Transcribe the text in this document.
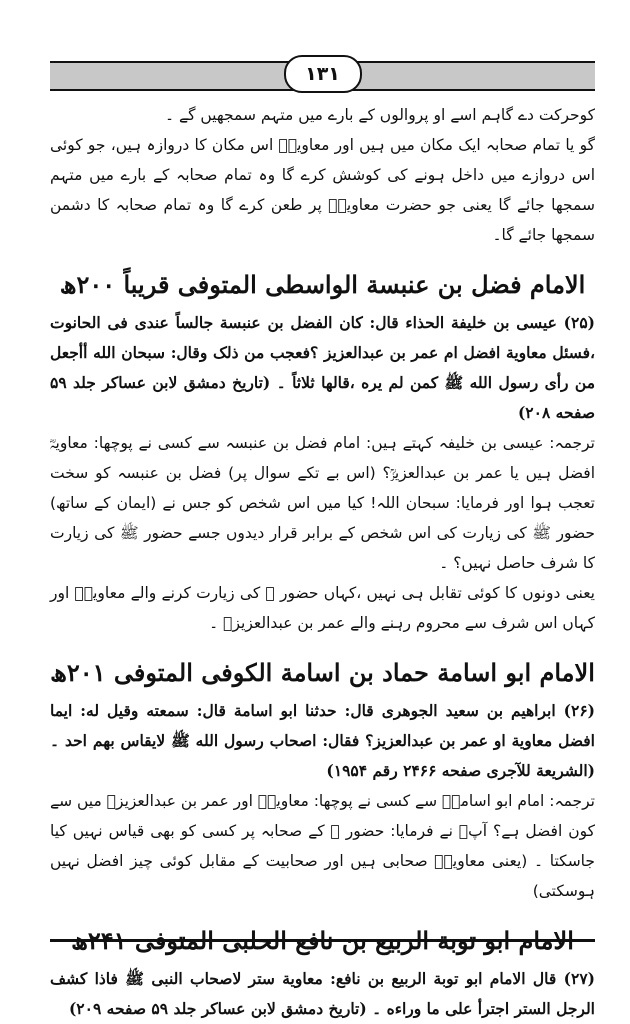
۱۳۱

کوحرکت دے گاہم اسے او پروالوں کے بارے میں متہم سمجھیں گے ۔

گو یا تمام صحابہ ایک مکان میں ہیں اور معاویہؓ اس مکان کا دروازہ ہیں، جو کوئی اس دروازے میں داخل ہونے کی کوشش کرے گا وہ تمام صحابہ کے بارے میں متہم سمجھا جائے گا یعنی جو حضرت معاویہؓ پر طعن کرے گا وہ تمام صحابہ کا دشمن سمجھا جائے گا۔

الامام فضل بن عنبسة الواسطی المتوفی قریباً ۲۰۰ھ

(۲۵) عیسی بن خلیفة الحذاء قال: کان الفضل بن عنبسة جالساً عندی فی الحانوت ،فسئل معاویة افضل ام عمر بن عبدالعزیز ؟فعجب من ذلک وقال: سبحان الله أأجعل من رأی رسول الله ﷺ کمن لم یره ،قالها ثلاثاً ۔ (تاریخ دمشق لابن عساکر جلد ۵۹ صفحه ۲۰۸)

ترجمہ: عیسی بن خلیفہ کہتے ہیں: امام فضل بن عنبسہ سے کسی نے پوچھا: معاویہؓ افضل ہیں یا عمر بن عبدالعزیزؒ؟ (اس بے تکے سوال پر) فضل بن عنبسہ کو سخت تعجب ہوا اور فرمایا: سبحان اللہ! کیا میں اس شخص کو جس نے (ایمان کے ساتھ) حضور ﷺ کی زیارت کی اس شخص کے برابر قرار دیدوں جسے حضور ﷺ کی زیارت کا شرف حاصل نہیں؟ ۔

یعنی دونوں کا کوئی تقابل ہی نہیں ،کہاں حضور ﷺ کی زیارت کرنے والے معاویہؓ اور کہاں اس شرف سے محروم رہنے والے عمر بن عبدالعزیزؒ ۔

الامام ابو اسامة حماد بن اسامة الکوفی المتوفی ۲۰۱ھ

(۲۶) ابراهیم بن سعید الجوهری قال: حدثنا ابو اسامة قال: سمعته وقیل له: ایما افضل معاویة او عمر بن عبدالعزیز؟ فقال: اصحاب رسول الله ﷺ لایقاس بهم احد ۔ (الشریعة للآجری صفحه ۲۴۶۶ رقم ۱۹۵۴)

ترجمہ: امام ابو اسامہؒ سے کسی نے پوچھا: معاویہؓ اور عمر بن عبدالعزیزؒ میں سے کون افضل ہے؟ آپؒ نے فرمایا: حضور ﷺ کے صحابہ پر کسی کو بھی قیاس نہیں کیا جاسکتا ۔ (یعنی معاویہؓ صحابی ہیں اور صحابیت کے مقابل کوئی چیز افضل نہیں ہوسکتی)

الامام ابو توبة الربیع بن نافع الحلبی المتوفی ۲۴۱ھ

(۲۷) قال الامام ابو توبة الربیع بن نافع: معاویة ستر لاصحاب النبی ﷺ فاذا کشف الرجل الستر اجترأ علی ما وراءه ۔ (تاریخ دمشق لابن عساکر جلد ۵۹ صفحه ۲۰۹)
